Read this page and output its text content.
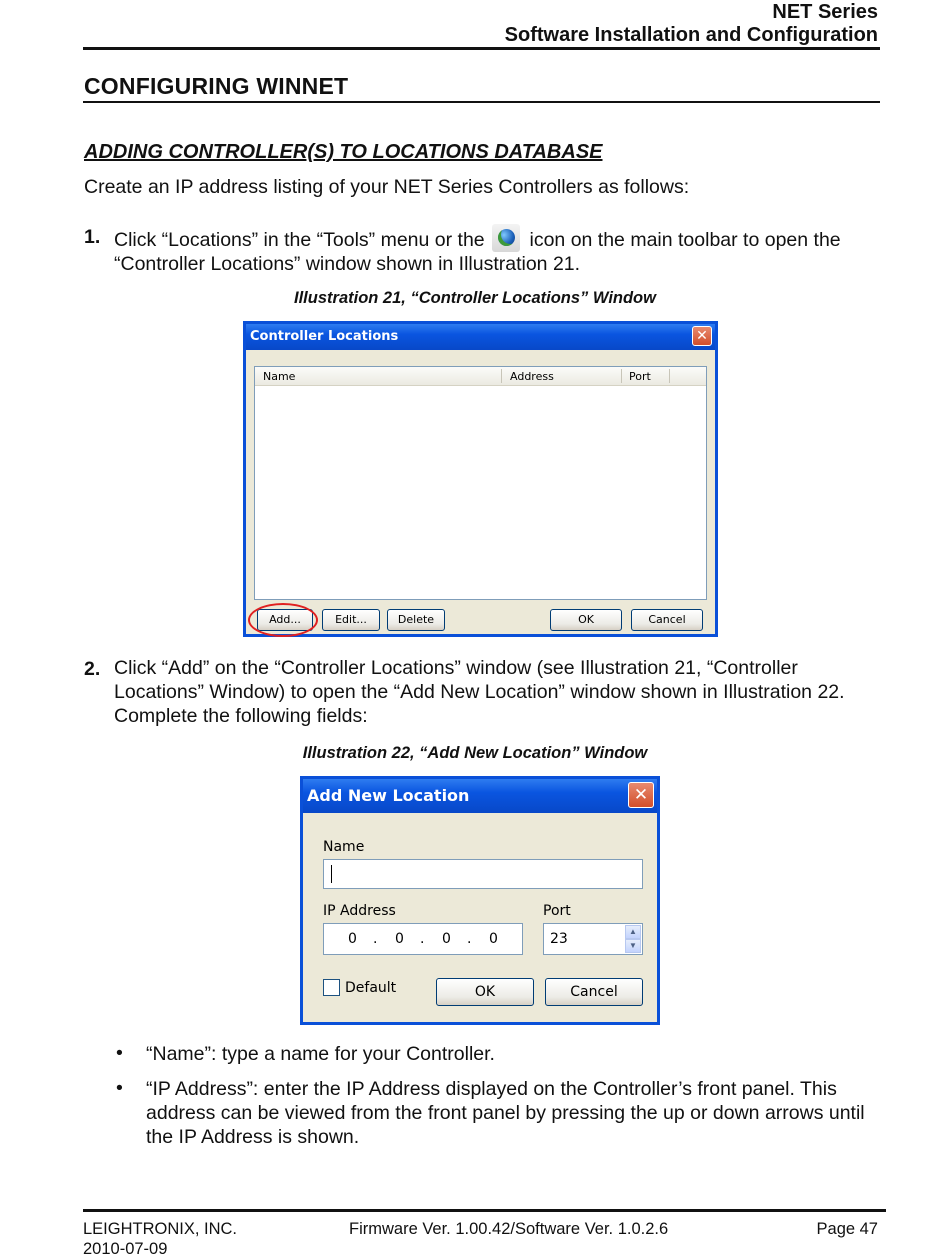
NET Series
Software Installation and Configuration
CONFIGURING WINNET
ADDING CONTROLLER(S) TO LOCATIONS DATABASE
Create an IP address listing of your NET Series Controllers as follows:
1. Click “Locations” in the “Tools” menu or the icon on the main toolbar to open the “Controller Locations” window shown in Illustration 21.
Illustration 21, “Controller Locations” Window
Controller Locations	✕
Name	Address	Port
Add...	Edit...	Delete	OK	Cancel
2. Click “Add” on the “Controller Locations” window (see Illustration 21, “Controller Locations” Window) to open the “Add New Location” window shown in Illustration 22. Complete the following fields:
Illustration 22, “Add New Location” Window
Add New Location	✕
Name
IP Address
0 . 0 . 0 . 0
Port
23	▲
▼
Default	OK	Cancel
• “Name”: type a name for your Controller.
• “IP Address”: enter the IP Address displayed on the Controller’s front panel. This address can be viewed from the front panel by pressing the up or down arrows until the IP Address is shown.
LEIGHTRONIX, INC.
2010-07-09
Firmware Ver. 1.00.42/Software Ver. 1.0.2.6	Page 47
